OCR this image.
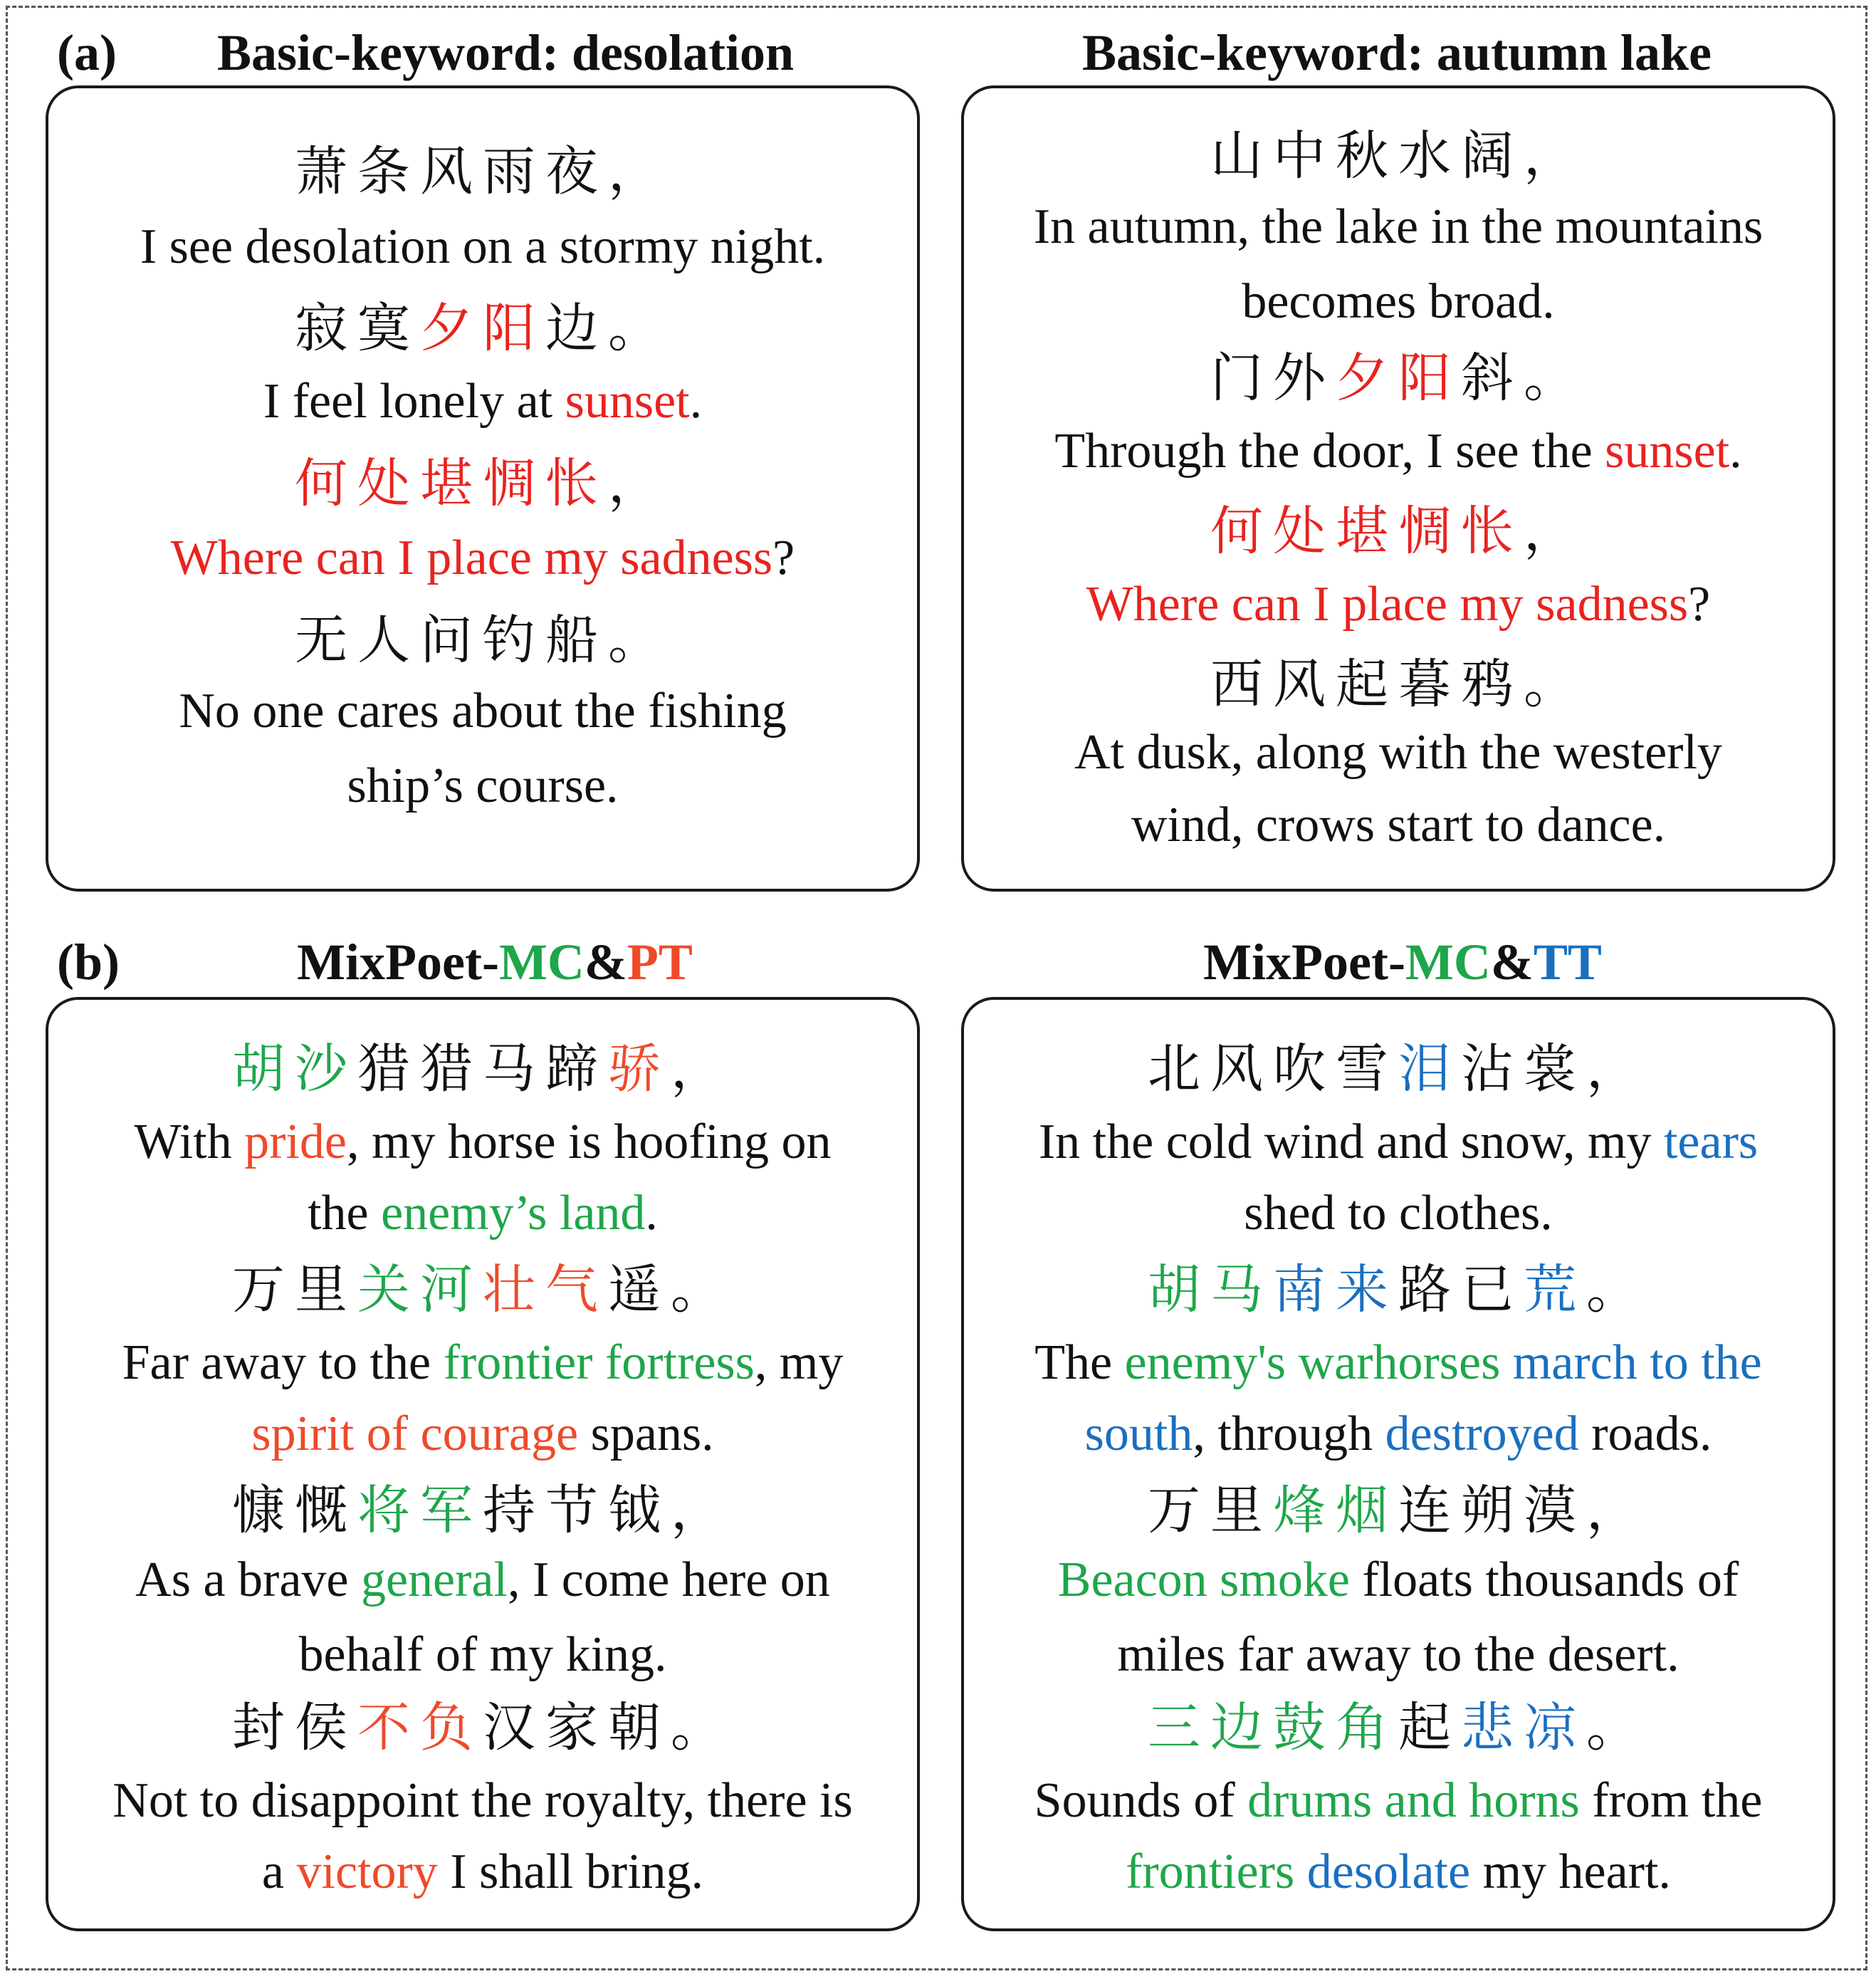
(a) Basic-keyword: desolation	Basic-keyword: autumn lake
萧条风雨夜，
I see desolation on a stormy night.
寂寞夕阳边。
I feel lonely at sunset.
何处堪惆怅，
Where can I place my sadness?
无人问钓船。
No one cares about the fishing
ship’s course.
山中秋水阔，
In autumn, the lake in the mountains
becomes broad.
门外夕阳斜。
Through the door, I see the sunset.
何处堪惆怅，
Where can I place my sadness?
西风起暮鸦。
At dusk, along with the westerly
wind, crows start to dance.
(b)	MixPoet-MC&PT	MixPoet-MC&TT
胡沙猎猎马蹄骄，
With pride, my horse is hoofing on
the enemy’s land.
万里关河壮气遥。
Far away to the frontier fortress, my
spirit of courage spans.
慷慨将军持节钺，
As a brave general, I come here on
behalf of my king.
封侯不负汉家朝。
Not to disappoint the royalty, there is
a victory I shall bring.
北风吹雪泪沾裳，
In the cold wind and snow, my tears
shed to clothes.
胡马南来路已荒。
The enemy's warhorses march to the
south, through destroyed roads.
万里烽烟连朔漠，
Beacon smoke floats thousands of
miles far away to the desert.
三边鼓角起悲凉。
Sounds of drums and horns from the
frontiers desolate my heart.
